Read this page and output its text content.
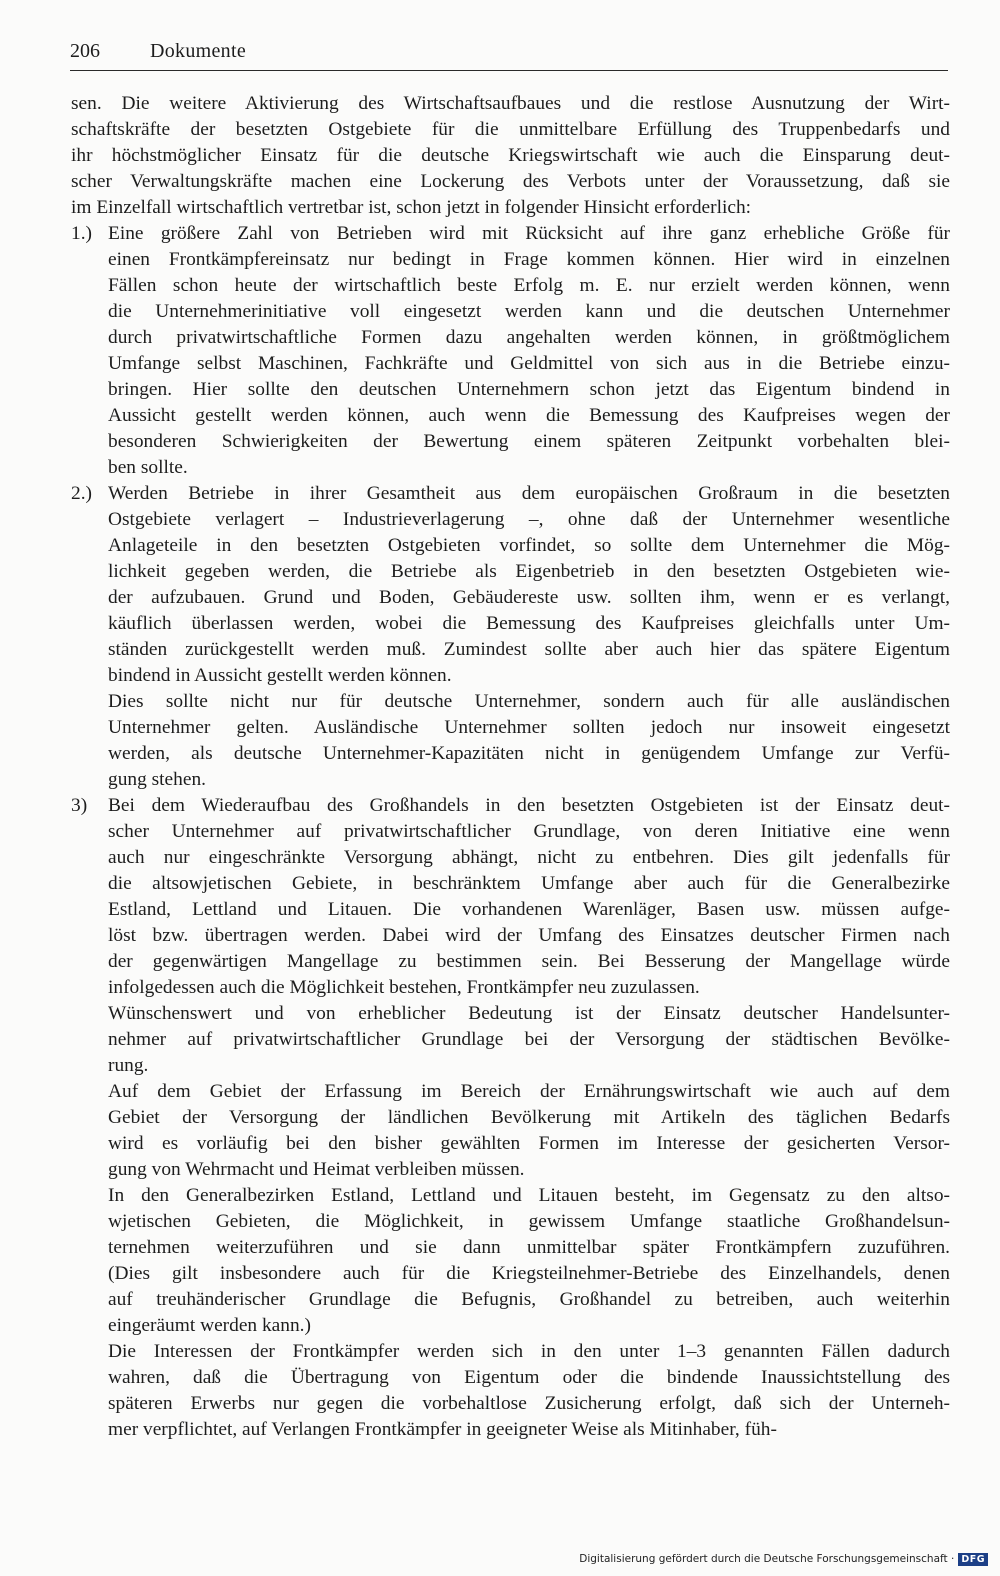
206	Dokumente
sen. Die weitere Aktivierung des Wirtschaftsaufbaues und die restlose Ausnutzung der Wirt-
schaftskräfte der besetzten Ostgebiete für die unmittelbare Erfüllung des Truppenbedarfs und
ihr höchstmöglicher Einsatz für die deutsche Kriegswirtschaft wie auch die Einsparung deut-
scher Verwaltungskräfte machen eine Lockerung des Verbots unter der Voraussetzung, daß sie
im Einzelfall wirtschaftlich vertretbar ist, schon jetzt in folgender Hinsicht erforderlich:
1.) Eine größere Zahl von Betrieben wird mit Rücksicht auf ihre ganz erhebliche Größe für
einen Frontkämpfereinsatz nur bedingt in Frage kommen können. Hier wird in einzelnen
Fällen schon heute der wirtschaftlich beste Erfolg m. E. nur erzielt werden können, wenn
die Unternehmerinitiative voll eingesetzt werden kann und die deutschen Unternehmer
durch privatwirtschaftliche Formen dazu angehalten werden können, in größtmöglichem
Umfange selbst Maschinen, Fachkräfte und Geldmittel von sich aus in die Betriebe einzu-
bringen. Hier sollte den deutschen Unternehmern schon jetzt das Eigentum bindend in
Aussicht gestellt werden können, auch wenn die Bemessung des Kaufpreises wegen der
besonderen Schwierigkeiten der Bewertung einem späteren Zeitpunkt vorbehalten blei-
ben sollte.
2.) Werden Betriebe in ihrer Gesamtheit aus dem europäischen Großraum in die besetzten
Ostgebiete verlagert – Industrieverlagerung –, ohne daß der Unternehmer wesentliche
Anlageteile in den besetzten Ostgebieten vorfindet, so sollte dem Unternehmer die Mög-
lichkeit gegeben werden, die Betriebe als Eigenbetrieb in den besetzten Ostgebieten wie-
der aufzubauen. Grund und Boden, Gebäudereste usw. sollten ihm, wenn er es verlangt,
käuflich überlassen werden, wobei die Bemessung des Kaufpreises gleichfalls unter Um-
ständen zurückgestellt werden muß. Zumindest sollte aber auch hier das spätere Eigentum
bindend in Aussicht gestellt werden können.
Dies sollte nicht nur für deutsche Unternehmer, sondern auch für alle ausländischen
Unternehmer gelten. Ausländische Unternehmer sollten jedoch nur insoweit eingesetzt
werden, als deutsche Unternehmer-Kapazitäten nicht in genügendem Umfange zur Verfü-
gung stehen.
3) Bei dem Wiederaufbau des Großhandels in den besetzten Ostgebieten ist der Einsatz deut-
scher Unternehmer auf privatwirtschaftlicher Grundlage, von deren Initiative eine wenn
auch nur eingeschränkte Versorgung abhängt, nicht zu entbehren. Dies gilt jedenfalls für
die altsowjetischen Gebiete, in beschränktem Umfange aber auch für die Generalbezirke
Estland, Lettland und Litauen. Die vorhandenen Warenläger, Basen usw. müssen aufge-
löst bzw. übertragen werden. Dabei wird der Umfang des Einsatzes deutscher Firmen nach
der gegenwärtigen Mangellage zu bestimmen sein. Bei Besserung der Mangellage würde
infolgedessen auch die Möglichkeit bestehen, Frontkämpfer neu zuzulassen.
Wünschenswert und von erheblicher Bedeutung ist der Einsatz deutscher Handelsunter-
nehmer auf privatwirtschaftlicher Grundlage bei der Versorgung der städtischen Bevölke-
rung.
Auf dem Gebiet der Erfassung im Bereich der Ernährungswirtschaft wie auch auf dem
Gebiet der Versorgung der ländlichen Bevölkerung mit Artikeln des täglichen Bedarfs
wird es vorläufig bei den bisher gewählten Formen im Interesse der gesicherten Versor-
gung von Wehrmacht und Heimat verbleiben müssen.
In den Generalbezirken Estland, Lettland und Litauen besteht, im Gegensatz zu den altso-
wjetischen Gebieten, die Möglichkeit, in gewissem Umfange staatliche Großhandelsun-
ternehmen weiterzuführen und sie dann unmittelbar später Frontkämpfern zuzuführen.
(Dies gilt insbesondere auch für die Kriegsteilnehmer-Betriebe des Einzelhandels, denen
auf treuhänderischer Grundlage die Befugnis, Großhandel zu betreiben, auch weiterhin
eingeräumt werden kann.)
Die Interessen der Frontkämpfer werden sich in den unter 1–3 genannten Fällen dadurch
wahren, daß die Übertragung von Eigentum oder die bindende Inaussichtstellung des
späteren Erwerbs nur gegen die vorbehaltlose Zusicherung erfolgt, daß sich der Unterneh-
mer verpflichtet, auf Verlangen Frontkämpfer in geeigneter Weise als Mitinhaber, füh-
Digitalisierung gefördert durch die Deutsche Forschungsgemeinschaft · DFG
